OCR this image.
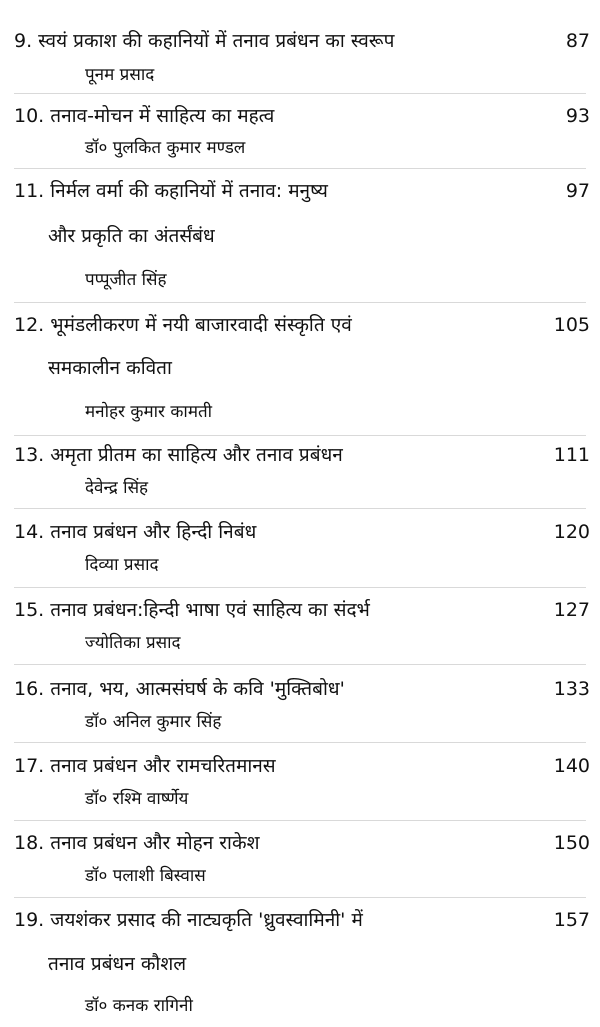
9. स्वयं प्रकाश की कहानियों में तनाव प्रबंधन का स्वरूप	87
पूनम प्रसाद
10. तनाव-मोचन में साहित्य का महत्व	93
डॉ० पुलकित कुमार मण्डल
11. निर्मल वर्मा की कहानियों में तनाव: मनुष्य	97
और प्रकृति का अंतर्संबंध
पप्पूजीत सिंह
12. भूमंडलीकरण में नयी बाजारवादी संस्कृति एवं	105
समकालीन कविता
मनोहर कुमार कामती
13. अमृता प्रीतम का साहित्य और तनाव प्रबंधन	111
देवेन्द्र सिंह
14. तनाव प्रबंधन और हिन्दी निबंध	120
दिव्या प्रसाद
15. तनाव प्रबंधन:हिन्दी भाषा एवं साहित्य का संदर्भ	127
ज्योतिका प्रसाद
16. तनाव, भय, आत्मसंघर्ष के कवि 'मुक्तिबोध'	133
डॉ० अनिल कुमार सिंह
17. तनाव प्रबंधन और रामचरितमानस	140
डॉ० रश्मि वार्ष्णेय
18. तनाव प्रबंधन और मोहन राकेश	150
डॉ० पलाशी बिस्वास
19. जयशंकर प्रसाद की नाट्यकृति 'ध्रुवस्वामिनी' में	157
तनाव प्रबंधन कौशल
डॉ० कनक रागिनी
